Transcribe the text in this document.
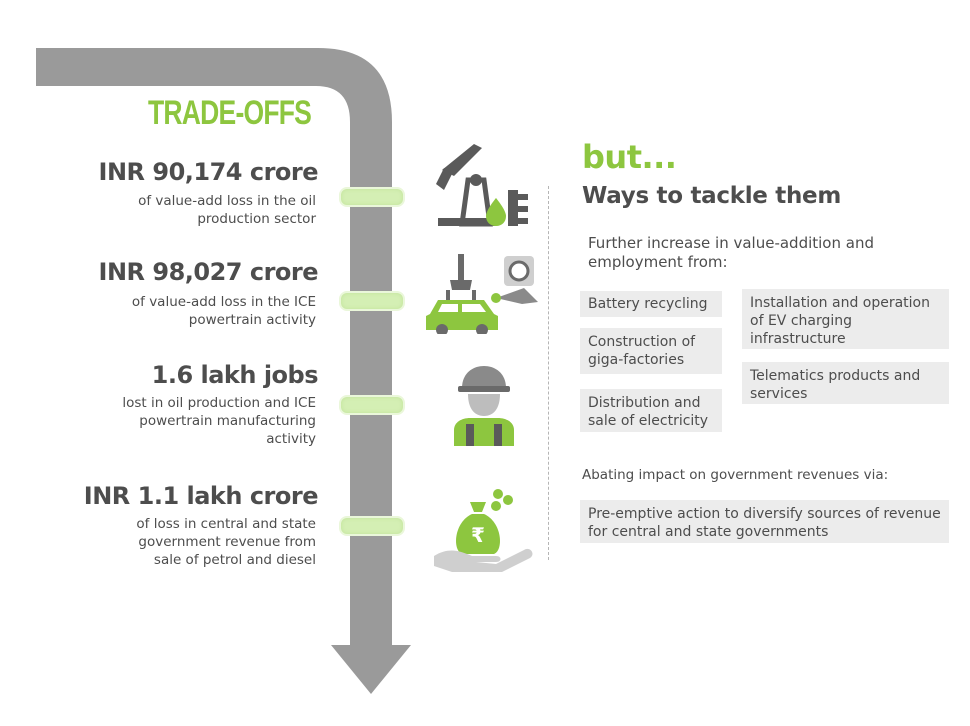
TRADE-OFFS
INR 90,174 crore
of value-add loss in the oil
production sector
INR 98,027 crore
of value-add loss in the ICE
powertrain activity
1.6 lakh jobs
lost in oil production and ICE
powertrain manufacturing
activity
INR 1.1 lakh crore
of loss in central and state
government revenue from
sale of petrol and diesel
₹
but...
Ways to tackle them
Further increase in value-addition and
employment from:
Battery recycling
Construction of
giga-factories
Distribution and
sale of electricity
Installation and operation
of EV charging
infrastructure
Telematics products and
services
Abating impact on government revenues via:
Pre-emptive action to diversify sources of revenue
for central and state governments
